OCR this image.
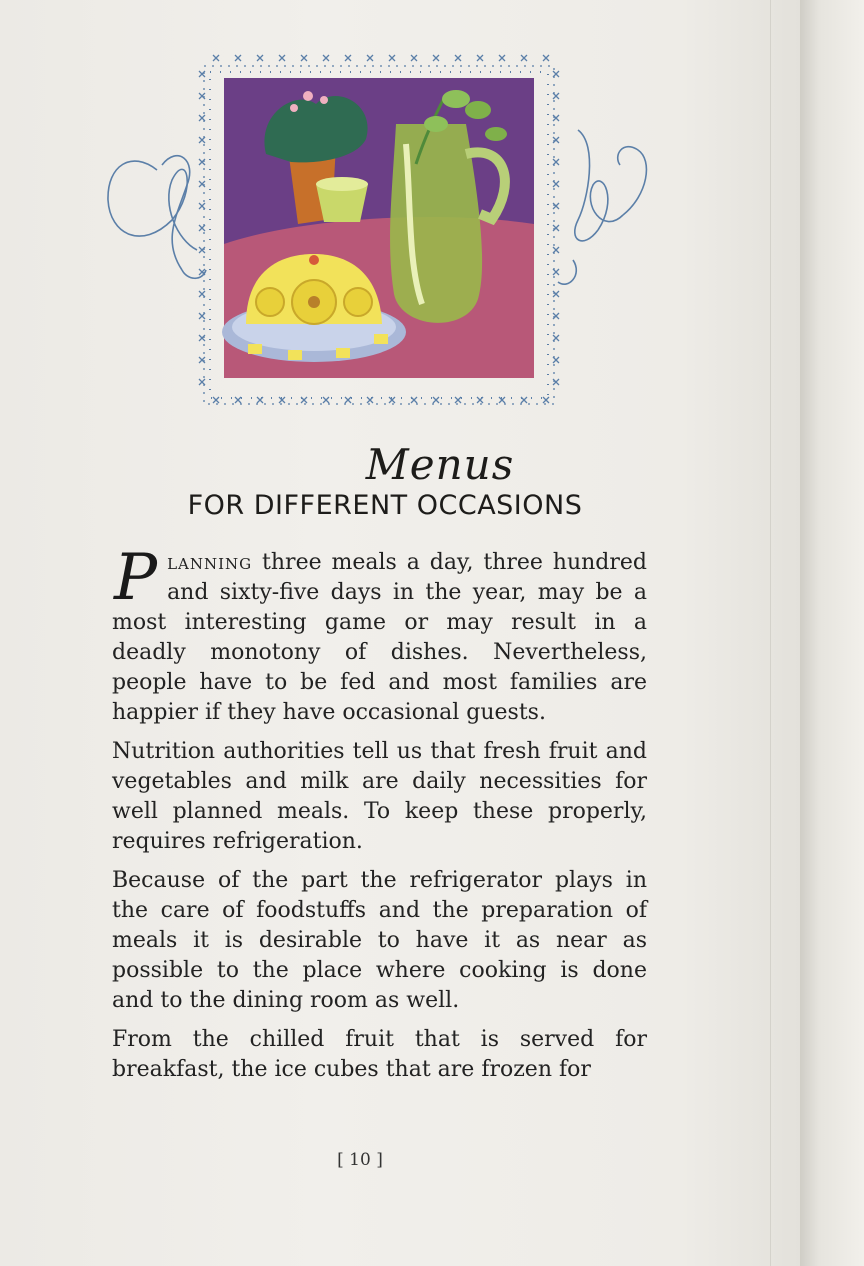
Menus
FOR DIFFERENT OCCASIONS

Planning three meals a day, three hundred and sixty-five days in the year, may be a most interesting game or may result in a deadly monotony of dishes. Nevertheless, people have to be fed and most families are happier if they have occasional guests.

Nutrition authorities tell us that fresh fruit and vegetables and milk are daily necessities for well planned meals. To keep these properly, requires refrigeration.

Because of the part the refrigerator plays in the care of foodstuffs and the preparation of meals it is desirable to have it as near as possible to the place where cooking is done and to the dining room as well.

From the chilled fruit that is served for breakfast, the ice cubes that are frozen for

[ 10 ]
